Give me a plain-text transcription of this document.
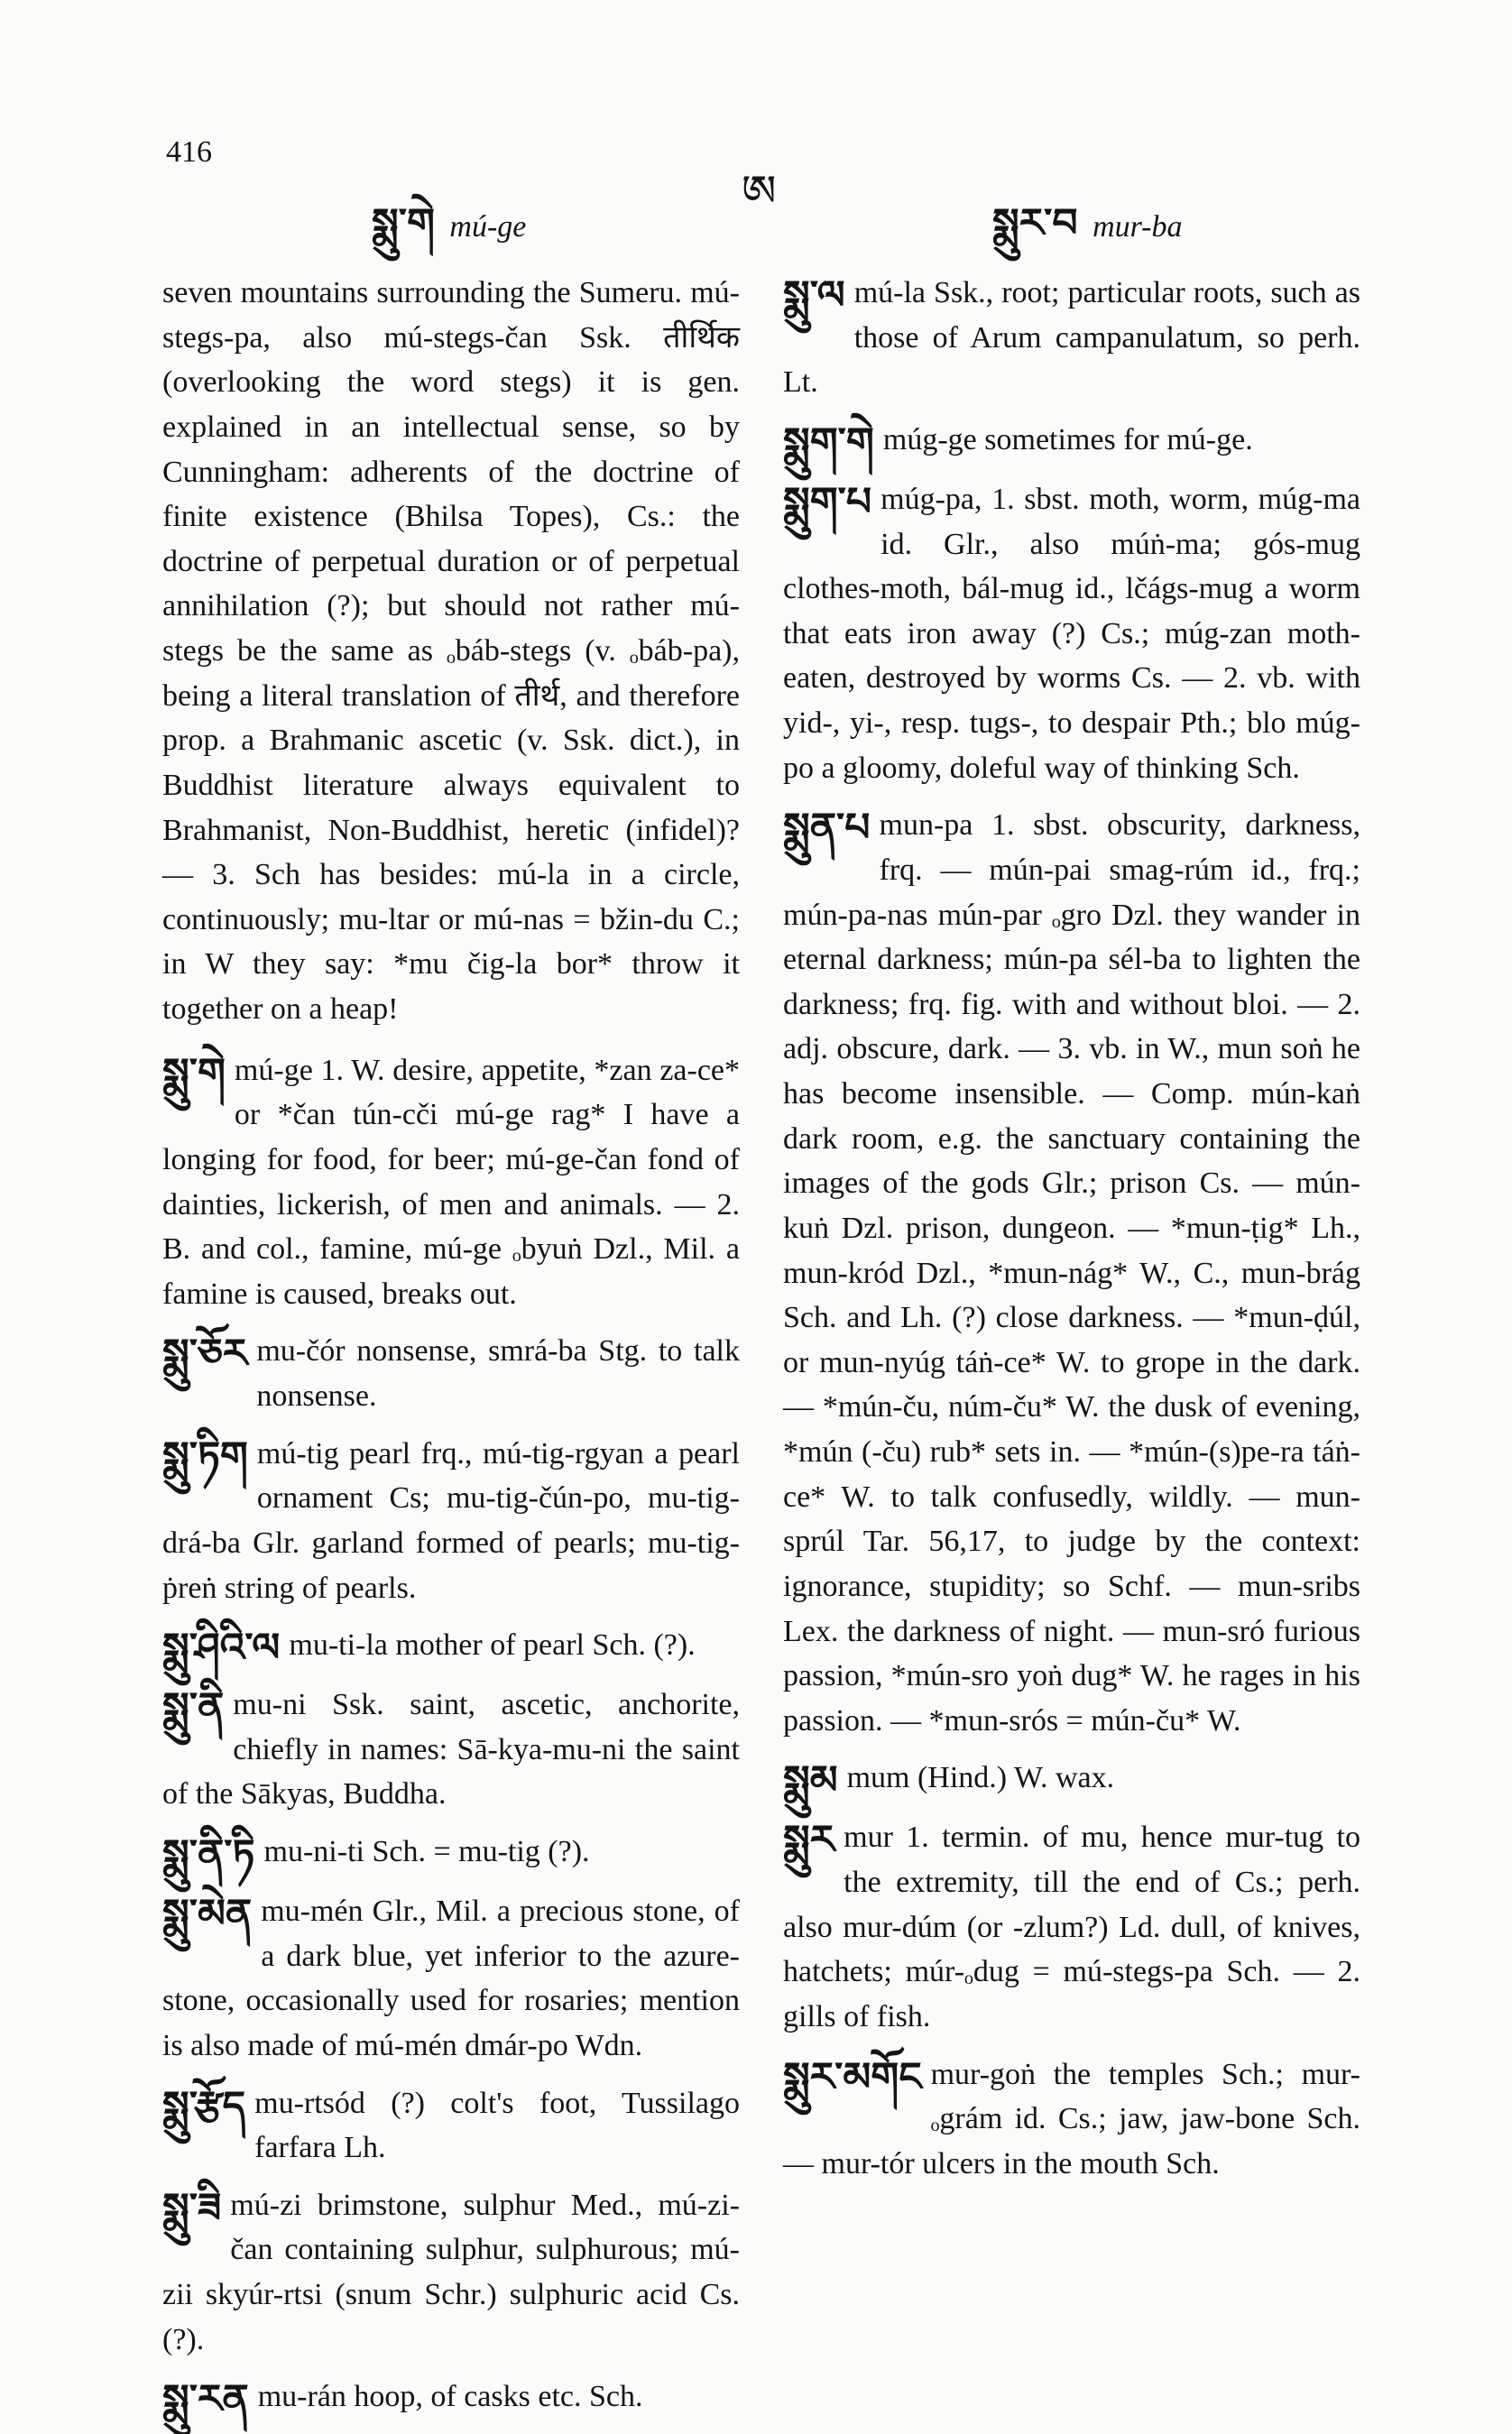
416
སྨུ་གེ mú-ge
ཨ
སྨུར་བ mur-ba
seven mountains surrounding the Sumeru. mú-stegs-pa, also mú-stegs-čan Ssk. तीर्थिक (overlooking the word stegs) it is gen. explained in an intellectual sense, so by Cunningham: adherents of the doctrine of finite existence (Bhilsa Topes), Cs.: the doctrine of perpetual duration or of perpetual annihilation (?); but should not rather mú-stegs be the same as ₒbáb-stegs (v. ₒbáb-pa), being a literal translation of तीर्थ, and therefore prop. a Brahmanic ascetic (v. Ssk. dict.), in Buddhist literature always equivalent to Brahmanist, Non-Buddhist, heretic (infidel)? — 3. Sch has besides: mú-la in a circle, continuously; mu-ltar or mú-nas = bžin-du C.; in W they say: *mu čig-la bor* throw it together on a heap!
སྨུ་གེ mú-ge 1. W. desire, appetite, *zan za-ce* or *čan tún-cči mú-ge rag* I have a longing for food, for beer; mú-ge-čan fond of dainties, lickerish, of men and animals. — 2. B. and col., famine, mú-ge ₒbyuṅ Dzl., Mil. a famine is caused, breaks out.
སྨུ་ཅོར mu-čór nonsense, smrá-ba Stg. to talk nonsense.
སྨུ་ཏིག mú-tig pearl frq., mú-tig-rgyan a pearl ornament Cs; mu-tig-čún-po, mu-tig-drá-ba Glr. garland formed of pearls; mu-tig-ṗreṅ string of pearls.
སྨུ་ཤིའི་ལ mu-ti-la mother of pearl Sch. (?).
སྨུ་ནི mu-ni Ssk. saint, ascetic, anchorite, chiefly in names: Sā-kya-mu-ni the saint of the Sākyas, Buddha.
སྨུ་ནི་ཏི mu-ni-ti Sch. = mu-tig (?).
སྨུ་མེན mu-mén Glr., Mil. a precious stone, of a dark blue, yet inferior to the azure-stone, occasionally used for rosaries; mention is also made of mú-mén dmár-po Wdn.
སྨུ་རྩོད mu-rtsód (?) colt's foot, Tussilago farfara Lh.
སྨུ་ཟི mú-zi brimstone, sulphur Med., mú-zi-čan containing sulphur, sulphurous; mú-zii skyúr-rtsi (snum Schr.) sulphuric acid Cs. (?).
སྨུ་རན mu-rán hoop, of casks etc. Sch.
སྨུ་ལ mú-la Ssk., root; particular roots, such as those of Arum campanulatum, so perh. Lt.
སྨུག་གེ múg-ge sometimes for mú-ge.
སྨུག་པ múg-pa, 1. sbst. moth, worm, múg-ma id. Glr., also múṅ-ma; gós-mug clothes-moth, bál-mug id., lčágs-mug a worm that eats iron away (?) Cs.; múg-zan moth-eaten, destroyed by worms Cs. — 2. vb. with yid-, yi-, resp. tugs-, to despair Pth.; blo múg-po a gloomy, doleful way of thinking Sch.
སྨུན་པ mun-pa 1. sbst. obscurity, darkness, frq. — mún-pai smag-rúm id., frq.; mún-pa-nas mún-par ₒgro Dzl. they wander in eternal darkness; mún-pa sél-ba to lighten the darkness; frq. fig. with and without bloi. — 2. adj. obscure, dark. — 3. vb. in W., mun soṅ he has become insensible. — Comp. mún-kaṅ dark room, e.g. the sanctuary containing the images of the gods Glr.; prison Cs. — mún-kuṅ Dzl. prison, dungeon. — *mun-ṭig* Lh., mun-kród Dzl., *mun-nág* W., C., mun-brág Sch. and Lh. (?) close darkness. — *mun-ḍúl, or mun-nyúg táṅ-ce* W. to grope in the dark. — *mún-ču, núm-ču* W. the dusk of evening, *mún (-ču) rub* sets in. — *mún-(s)pe-ra táṅ-ce* W. to talk confusedly, wildly. — mun-sprúl Tar. 56,17, to judge by the context: ignorance, stupidity; so Schf. — mun-sribs Lex. the darkness of night. — mun-sró furious passion, *mún-sro yoṅ dug* W. he rages in his passion. — *mun-srós = mún-ču* W.
སྨུམ mum (Hind.) W. wax.
སྨུར mur 1. termin. of mu, hence mur-tug to the extremity, till the end of Cs.; perh. also mur-dúm (or -zlum?) Ld. dull, of knives, hatchets; múr-ₒdug = mú-stegs-pa Sch. — 2. gills of fish.
སྨུར་མགོང mur-goṅ the temples Sch.; mur-ₒgrám id. Cs.; jaw, jaw-bone Sch. — mur-tór ulcers in the mouth Sch.
